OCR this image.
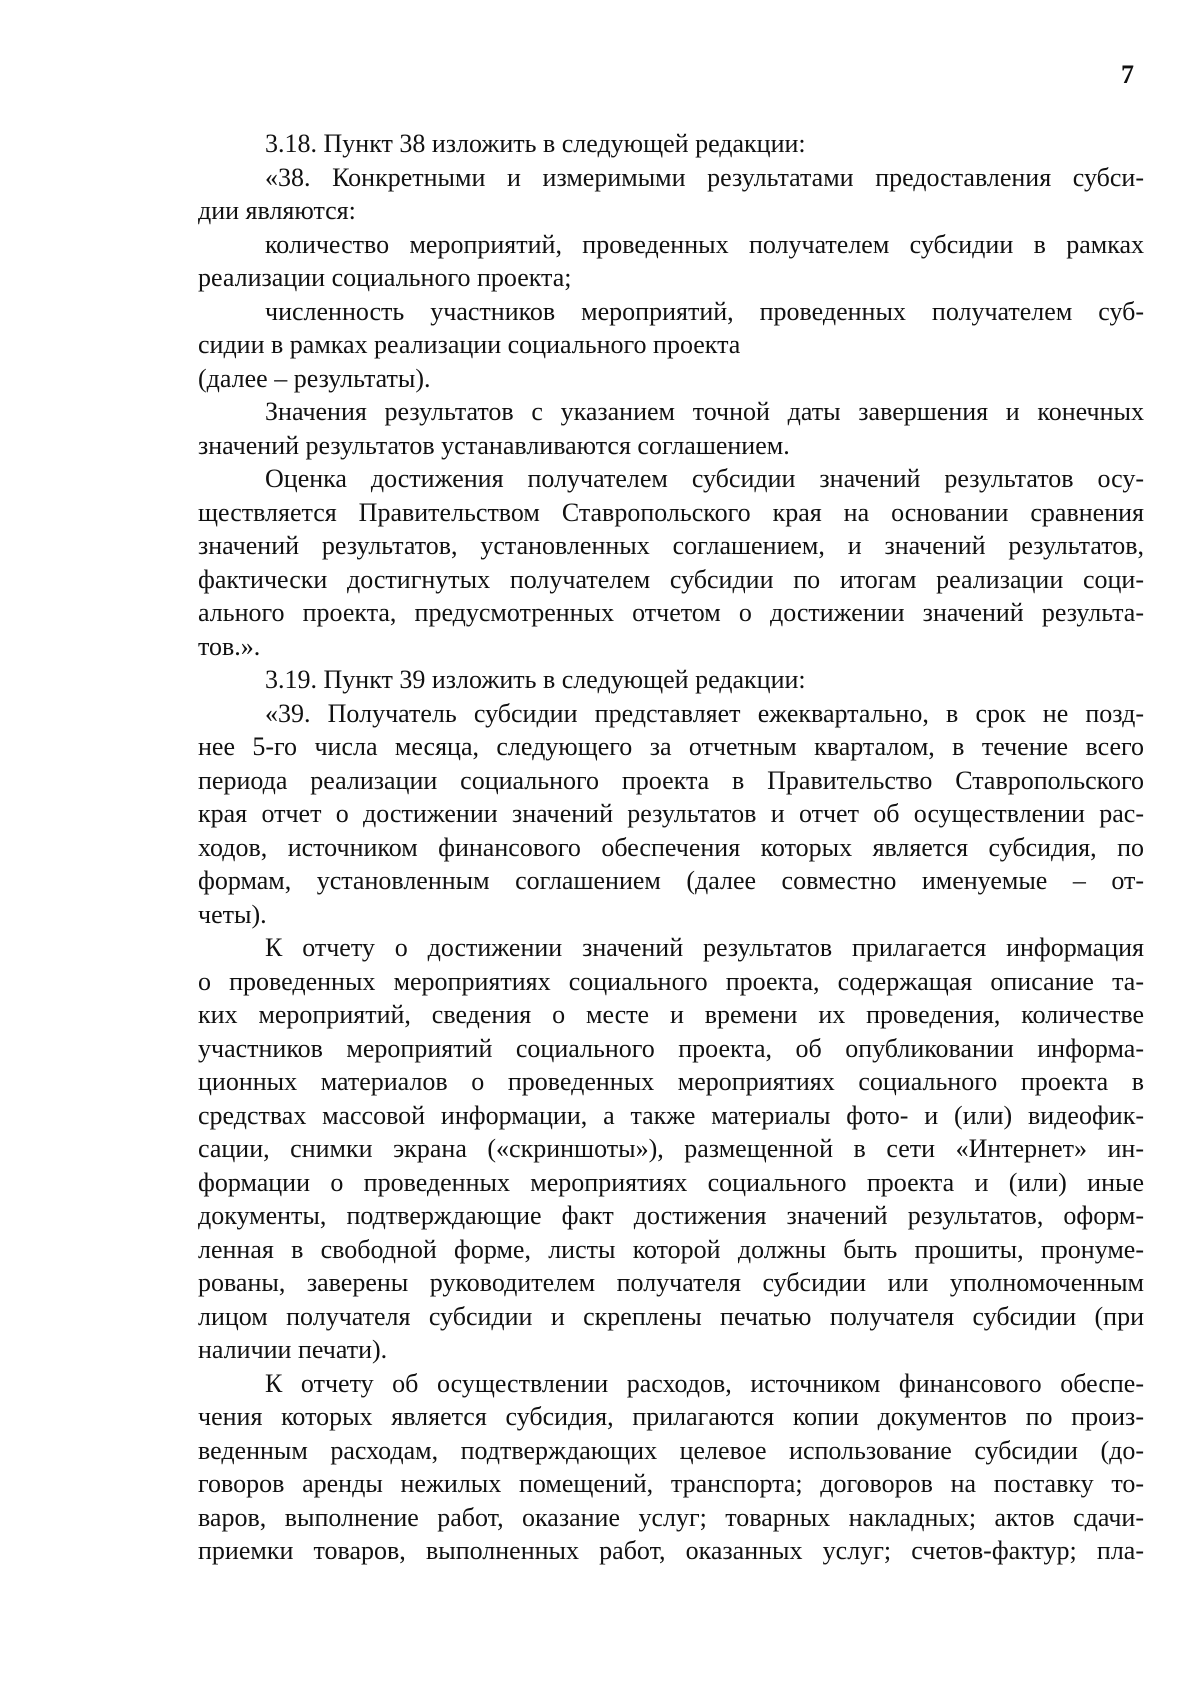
7

3.18. Пункт 38 изложить в следующей редакции:
«38. Конкретными и измеримыми результатами предоставления субси-
дии являются:
количество мероприятий, проведенных получателем субсидии в рамках
реализации социального проекта;
численность участников мероприятий, проведенных получателем суб-
сидии в рамках реализации социального проекта
(далее – результаты).
Значения результатов с указанием точной даты завершения и конечных
значений результатов устанавливаются соглашением.
Оценка достижения получателем субсидии значений результатов осу-
ществляется Правительством Ставропольского края на основании сравнения
значений результатов, установленных соглашением, и значений результатов,
фактически достигнутых получателем субсидии по итогам реализации соци-
ального проекта, предусмотренных отчетом о достижении значений результа-
тов.».
3.19. Пункт 39 изложить в следующей редакции:
«39. Получатель субсидии представляет ежеквартально, в срок не позд-
нее 5-го числа месяца, следующего за отчетным кварталом, в течение всего
периода реализации социального проекта в Правительство Ставропольского
края отчет о достижении значений результатов и отчет об осуществлении рас-
ходов, источником финансового обеспечения которых является субсидия, по
формам, установленным соглашением (далее совместно именуемые – от-
четы).
К отчету о достижении значений результатов прилагается информация
о проведенных мероприятиях социального проекта, содержащая описание та-
ких мероприятий, сведения о месте и времени их проведения, количестве
участников мероприятий социального проекта, об опубликовании информа-
ционных материалов о проведенных мероприятиях социального проекта в
средствах массовой информации, а также материалы фото- и (или) видеофик-
сации, снимки экрана («скриншоты»), размещенной в сети «Интернет» ин-
формации о проведенных мероприятиях социального проекта и (или) иные
документы, подтверждающие факт достижения значений результатов, оформ-
ленная в свободной форме, листы которой должны быть прошиты, пронуме-
рованы, заверены руководителем получателя субсидии или уполномоченным
лицом получателя субсидии и скреплены печатью получателя субсидии (при
наличии печати).
К отчету об осуществлении расходов, источником финансового обеспе-
чения которых является субсидия, прилагаются копии документов по произ-
веденным расходам, подтверждающих целевое использование субсидии (до-
говоров аренды нежилых помещений, транспорта; договоров на поставку то-
варов, выполнение работ, оказание услуг; товарных накладных; актов сдачи-
приемки товаров, выполненных работ, оказанных услуг; счетов-фактур; пла-
